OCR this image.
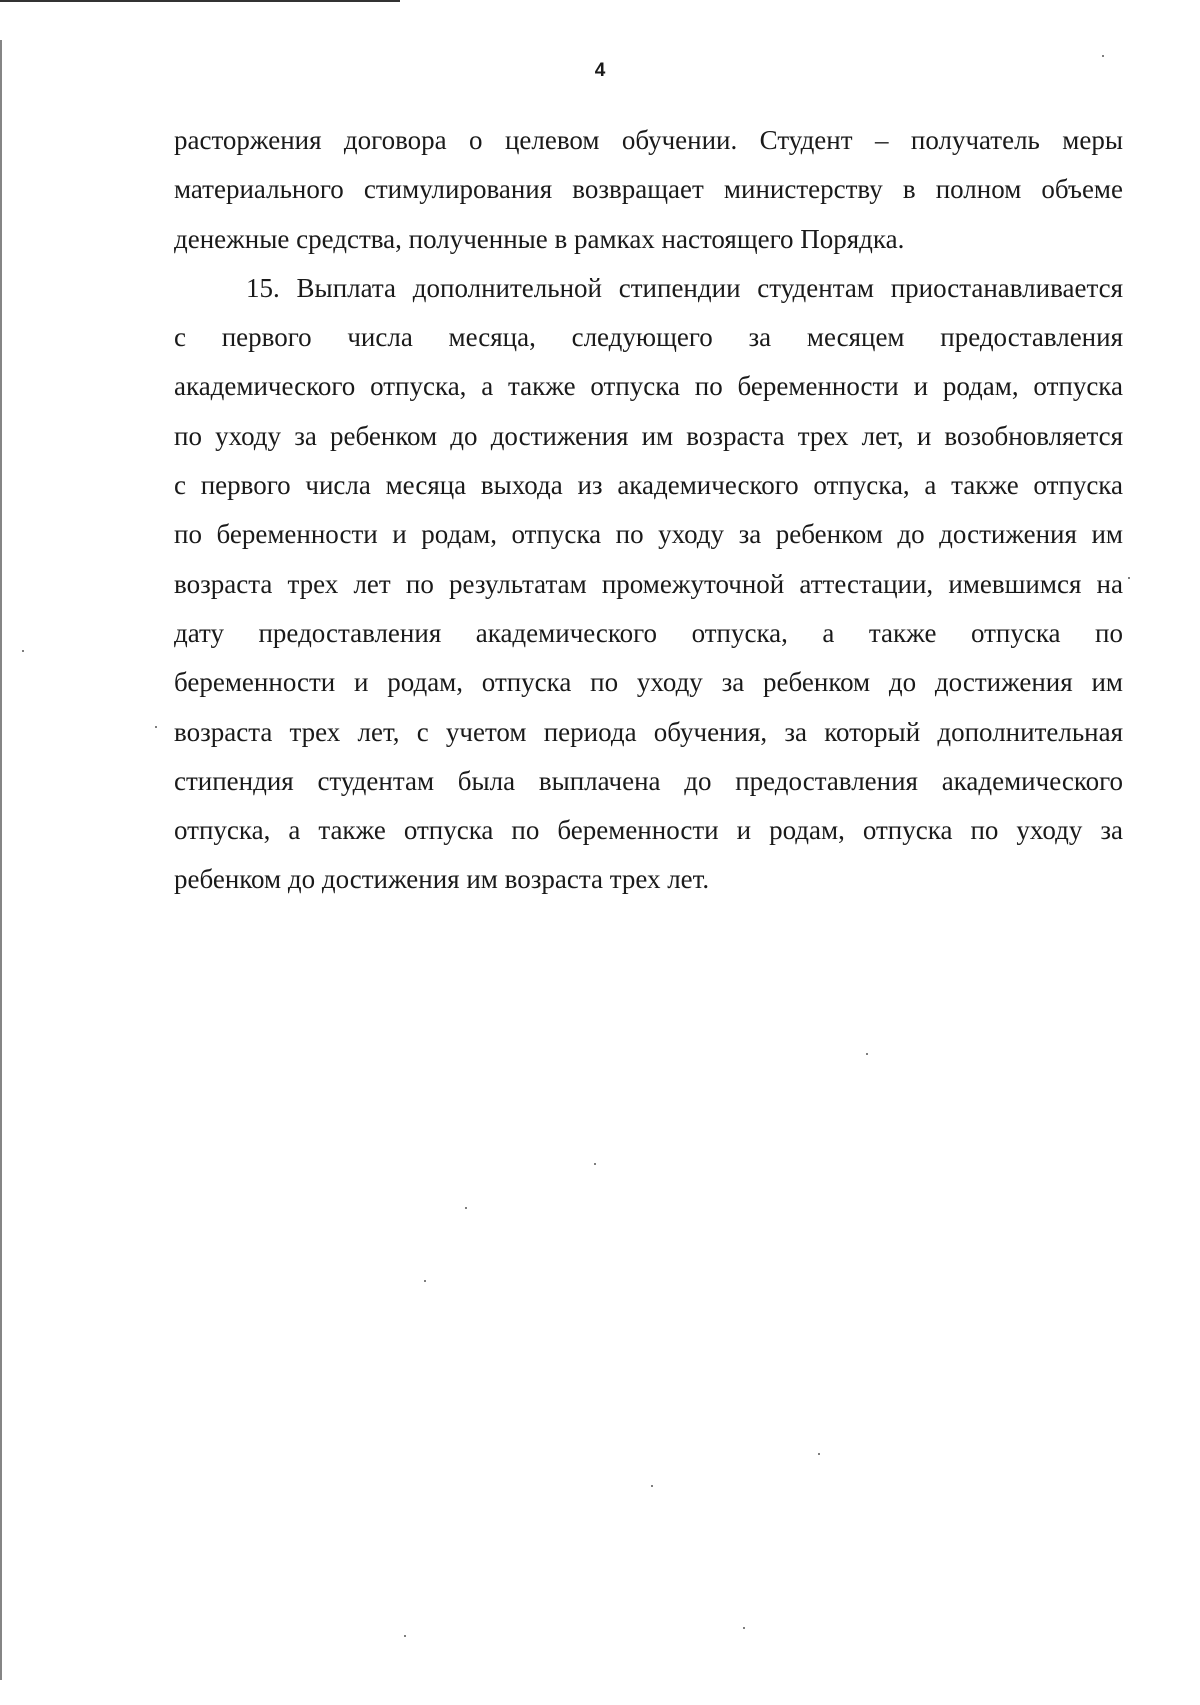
4
расторжения договора о целевом обучении. Студент – получатель меры
материального стимулирования возвращает министерству в полном объеме
денежные средства, полученные в рамках настоящего Порядка.
15. Выплата дополнительной стипендии студентам приостанавливается
с первого числа месяца, следующего за месяцем предоставления
академического отпуска, а также отпуска по беременности и родам, отпуска
по уходу за ребенком до достижения им возраста трех лет, и возобновляется
с первого числа месяца выхода из академического отпуска, а также отпуска
по беременности и родам, отпуска по уходу за ребенком до достижения им
возраста трех лет по результатам промежуточной аттестации, имевшимся на
дату предоставления академического отпуска, а также отпуска по
беременности и родам, отпуска по уходу за ребенком до достижения им
возраста трех лет, с учетом периода обучения, за который дополнительная
стипендия студентам была выплачена до предоставления академического
отпуска, а также отпуска по беременности и родам, отпуска по уходу за
ребенком до достижения им возраста трех лет.
